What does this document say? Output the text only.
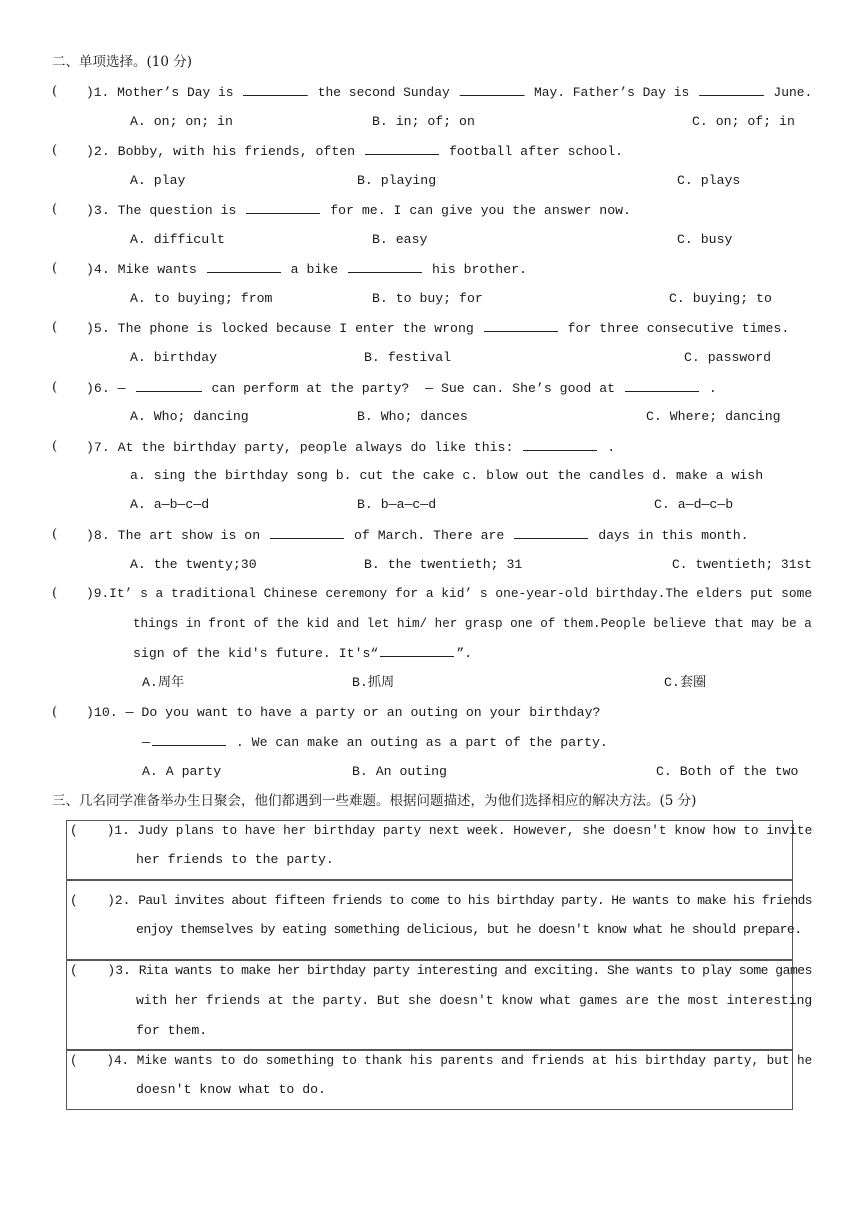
二、单项选择。(10 分)
( )1. Mother’s Day is	the second Sunday	May. Father’s Day is	June.
A. on; on; in	B. in; of; on	C. on; of; in
( )2. Bobby, with his friends, often	football after school.
A. play	B. playing	C. plays
( )3. The question is	for me. I can give you the answer now.
A. difficult	B. easy	C. busy
( )4. Mike wants	a bike	his brother.
A. to buying; from	B. to buy; for	C. buying; to
( )5. The phone is locked because I enter the wrong	for three consecutive times.
A. birthday	B. festival	C. password
( )6. —	can perform at the party? — Sue can. She’s good at	.
A. Who; dancing	B. Who; dances	C. Where; dancing
( )7. At the birthday party, people always do like this:	.
a. sing the birthday song b. cut the cake c. blow out the candles d. make a wish
A. a—b—c—d	B. b—a—c—d	C. a—d—c—b
( )8. The art show is on	of March. There are	days in this month.
A. the twenty;30	B. the twentieth; 31	C. twentieth; 31st
( )9.It’ s a traditional Chinese ceremony for a kid’ s one-year-old birthday.The elders put some
things in front of the kid and let him/ her grasp one of them.People believe that may be a
sign of the kid's future. It's“	”.
A.周年	B.抓周	C.套圈
( )10. — Do you want to have a party or an outing on your birthday?
—	. We can make an outing as a part of the party.
A. A party	B. An outing	C. Both of the two
三、几名同学准备举办生日聚会，他们都遇到一些难题。根据问题描述，为他们选择相应的解决方法。(5 分)
( )1. Judy plans to have her birthday party next week. However, she doesn't know how to invite
her friends to the party.
( )2. Paul invites about fifteen friends to come to his birthday party. He wants to make his friends
enjoy themselves by eating something delicious, but he doesn't know what he should prepare.
( )3. Rita wants to make her birthday party interesting and exciting. She wants to play some games
with her friends at the party. But she doesn't know what games are the most interesting
for them.
( )4. Mike wants to do something to thank his parents and friends at his birthday party, but he
doesn't know what to do.
